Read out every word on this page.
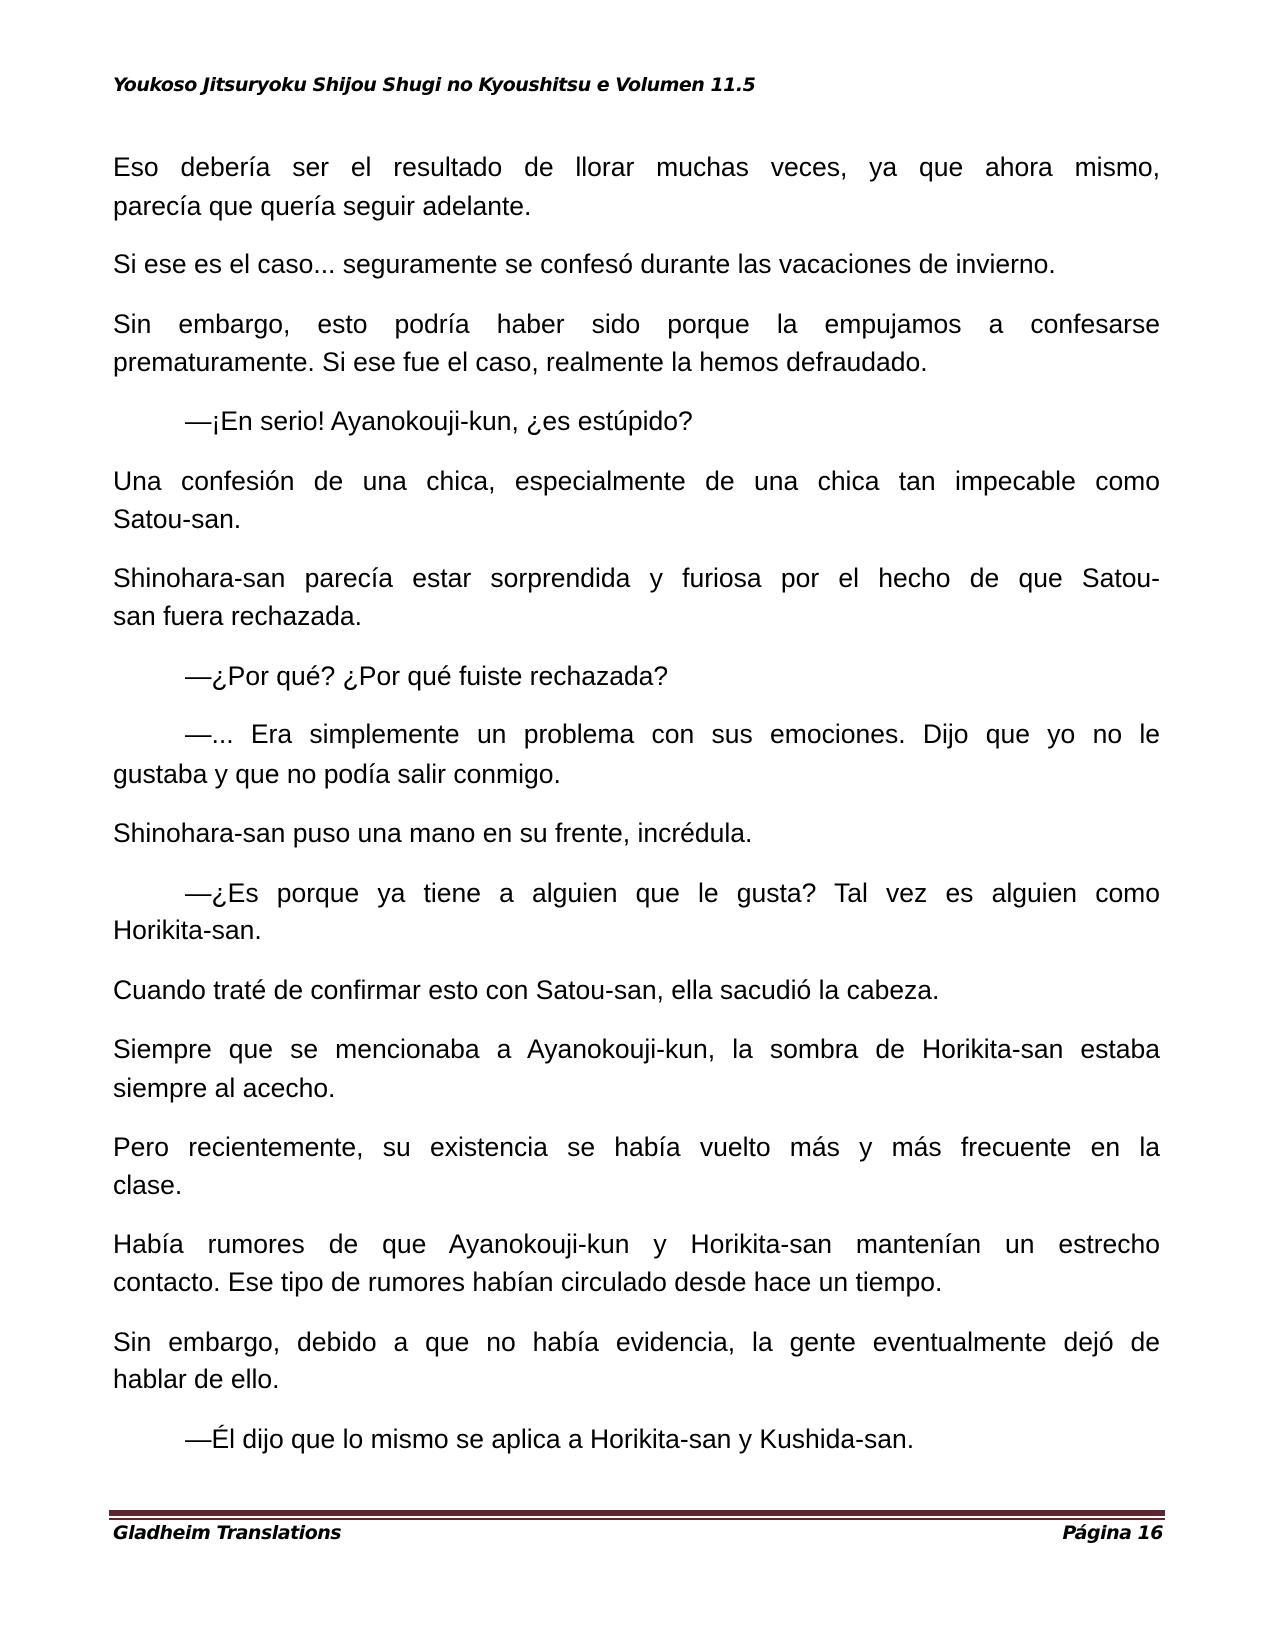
Youkoso Jitsuryoku Shijou Shugi no Kyoushitsu e Volumen 11.5
Eso debería ser el resultado de llorar muchas veces, ya que ahora mismo,
parecía que quería seguir adelante.
Si ese es el caso... seguramente se confesó durante las vacaciones de invierno.
Sin embargo, esto podría haber sido porque la empujamos a confesarse
prematuramente. Si ese fue el caso, realmente la hemos defraudado.
—¡En serio! Ayanokouji-kun, ¿es estúpido?
Una confesión de una chica, especialmente de una chica tan impecable como
Satou-san.
Shinohara-san parecía estar sorprendida y furiosa por el hecho de que Satou-
san fuera rechazada.
—¿Por qué? ¿Por qué fuiste rechazada?
—... Era simplemente un problema con sus emociones. Dijo que yo no le
gustaba y que no podía salir conmigo.
Shinohara-san puso una mano en su frente, incrédula.
—¿Es porque ya tiene a alguien que le gusta? Tal vez es alguien como
Horikita-san.
Cuando traté de confirmar esto con Satou-san, ella sacudió la cabeza.
Siempre que se mencionaba a Ayanokouji-kun, la sombra de Horikita-san estaba
siempre al acecho.
Pero recientemente, su existencia se había vuelto más y más frecuente en la
clase.
Había rumores de que Ayanokouji-kun y Horikita-san mantenían un estrecho
contacto. Ese tipo de rumores habían circulado desde hace un tiempo.
Sin embargo, debido a que no había evidencia, la gente eventualmente dejó de
hablar de ello.
—Él dijo que lo mismo se aplica a Horikita-san y Kushida-san.
Gladheim Translations	Página 16
